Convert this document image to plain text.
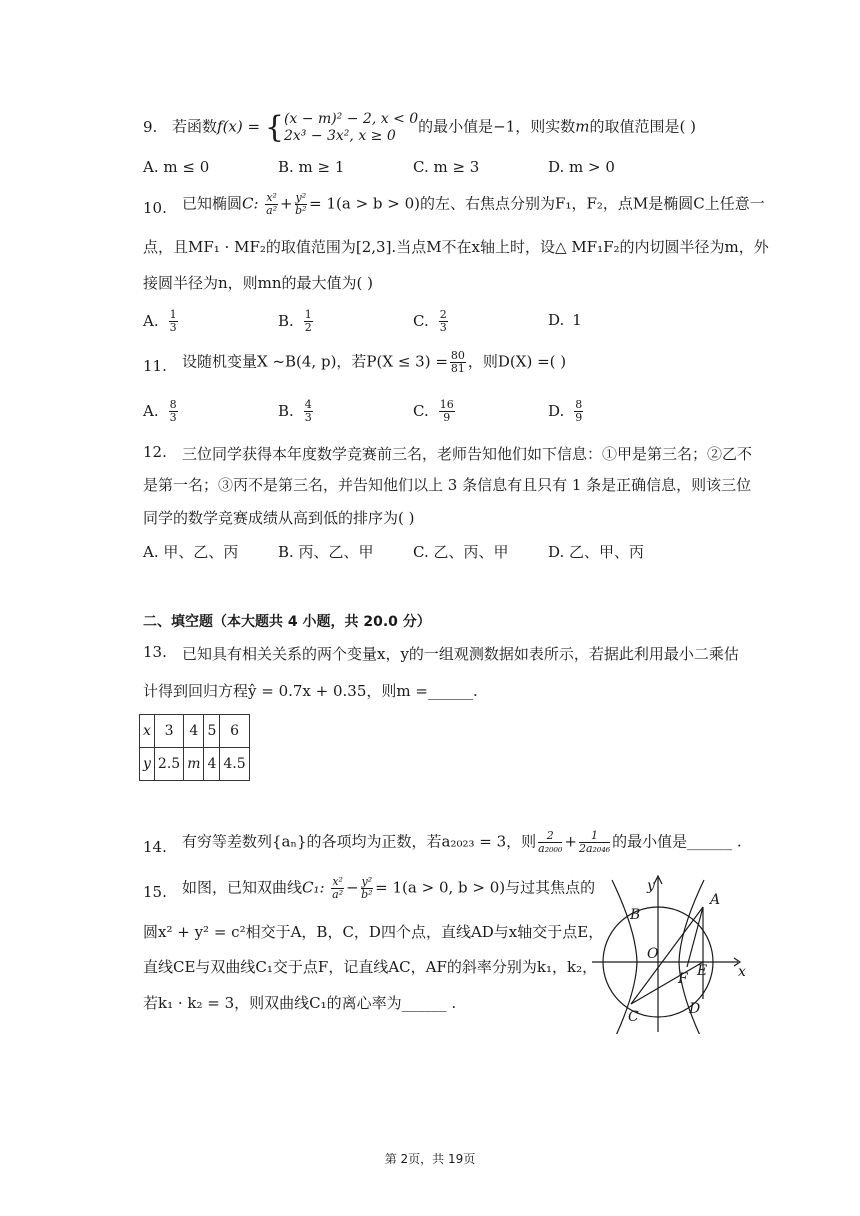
9. 若函数f(x) = { (x − m)² − 2, x < 0
2x³ − 3x², x ≥ 0	的最小值是−1，则实数m的取值范围是( )
A. m ≤ 0	B. m ≥ 1	C. m ≥ 3	D. m > 0
10. 已知椭圆C: $\frac{\text{x²}}{\text{a²}} + \frac{\text{y²}}{\text{b²}} = 1(a > b > 0)$的左、右焦点分别为F₁，F₂，点M是椭圆C上任意一
点，且MF₁ · MF₂的取值范围为[2,3].当点M不在x轴上时，设△ MF₁F₂的内切圆半径为m，外
接圆半径为n，则mn的最大值为( )
A. $\frac{1}{3}$	B. $\frac{1}{2}$	C. $\frac{2}{3}$	D. 1
11. 设随机变量X ~B(4, p)，若$P(X \le 3) = \frac{80}{81}$ ，则D(X) =( )
A. $\frac{8}{3}$	B. $\frac{4}{3}$	C. $\frac{16}{9}$	D. $\frac{8}{9}$
12. 三位同学获得本年度数学竞赛前三名，老师告知他们如下信息：①甲是第三名；②乙不
是第一名；③丙不是第三名，并告知他们以上 3 条信息有且只有 1 条是正确信息，则该三位
同学的数学竞赛成绩从高到低的排序为( )
A. 甲、乙、丙	B. 丙、乙、甲	C. 乙、丙、甲	D. 乙、甲、丙
二、填空题（本大题共 4 小题，共 20.0 分）
13. 已知具有相关关系的两个变量x，y的一组观测数据如表所示，若据此利用最小二乘估
计得到回归方程ŷ = 0.7x + 0.35，则m =______.
x	3	4	5	6
y	2.5	m	4	4.5
14. 有穷等差数列{aₙ}的各项均为正数，若a₂₀₂₃ = 3，则 $\frac{2}{\text{a₂₀₀₀}} + \frac{1}{\text{2a₂₀₄₆}}$ 的最小值是______ .
15. 如图，已知双曲线C₁: $\frac{\text{x²}}{\text{a²}} - \frac{\text{y²}}{\text{b²}} = 1(a > 0$, b > 0)与过其焦点的
圆x² + y² = c²相交于A，B，C，D四个点，直线AD与x轴交于点E，
直线CE与双曲线C₁交于点F，记直线AC，AF的斜率分别为k₁，k₂，
若k₁ · k₂ = 3，则双曲线C₁的离心率为______ .
y
x
O
A
B
C	D
E
F
第 2页，共 19页
